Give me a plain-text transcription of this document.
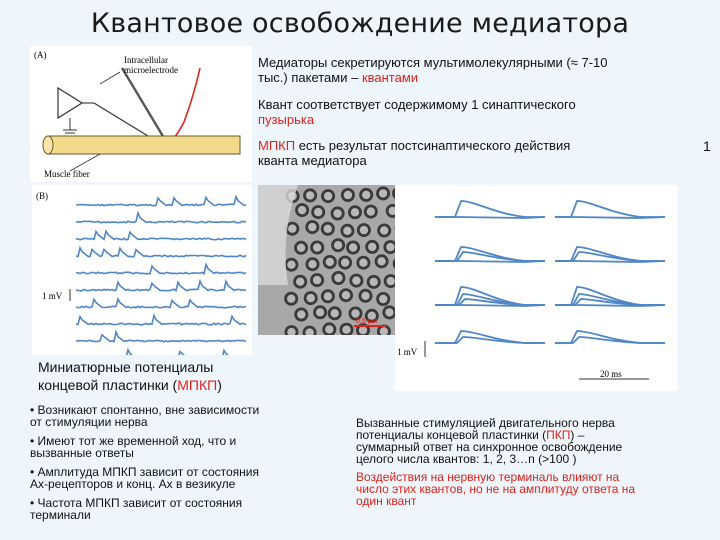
Квантовое освобождение медиатора
(A)	Intracellular
microelectrode
Muscle fiber
Медиаторы секретируются мультимолекулярными (≈ 7-10
тыс.) пакетами – квантами
Квант соответствует содержимому 1 синаптического
пузырька
МПКП есть результат постсинаптического действия
кванта медиатора
1
(B)
1 mV
0.5 μm
1 mV
20 ms
Миниатюрные потенциалы
концевой пластинки (МПКП)
• Возникают спонтанно, вне зависимости
от стимуляции нерва
• Имеют тот же временной ход, что и
вызванные ответы
• Амплитуда МПКП зависит от состояния
Ах-рецепторов и конц. Ах в везикуле
• Частота МПКП зависит от состояния
терминали
Вызванные стимуляцией двигательного нерва
потенциалы концевой пластинки (ПКП) –
суммарный ответ на синхронное освобождение
целого числа квантов: 1, 2, 3…n (>100 )
Воздействия на нервную терминаль влияют на
число этих квантов, но не на амплитуду ответа на
один квант
